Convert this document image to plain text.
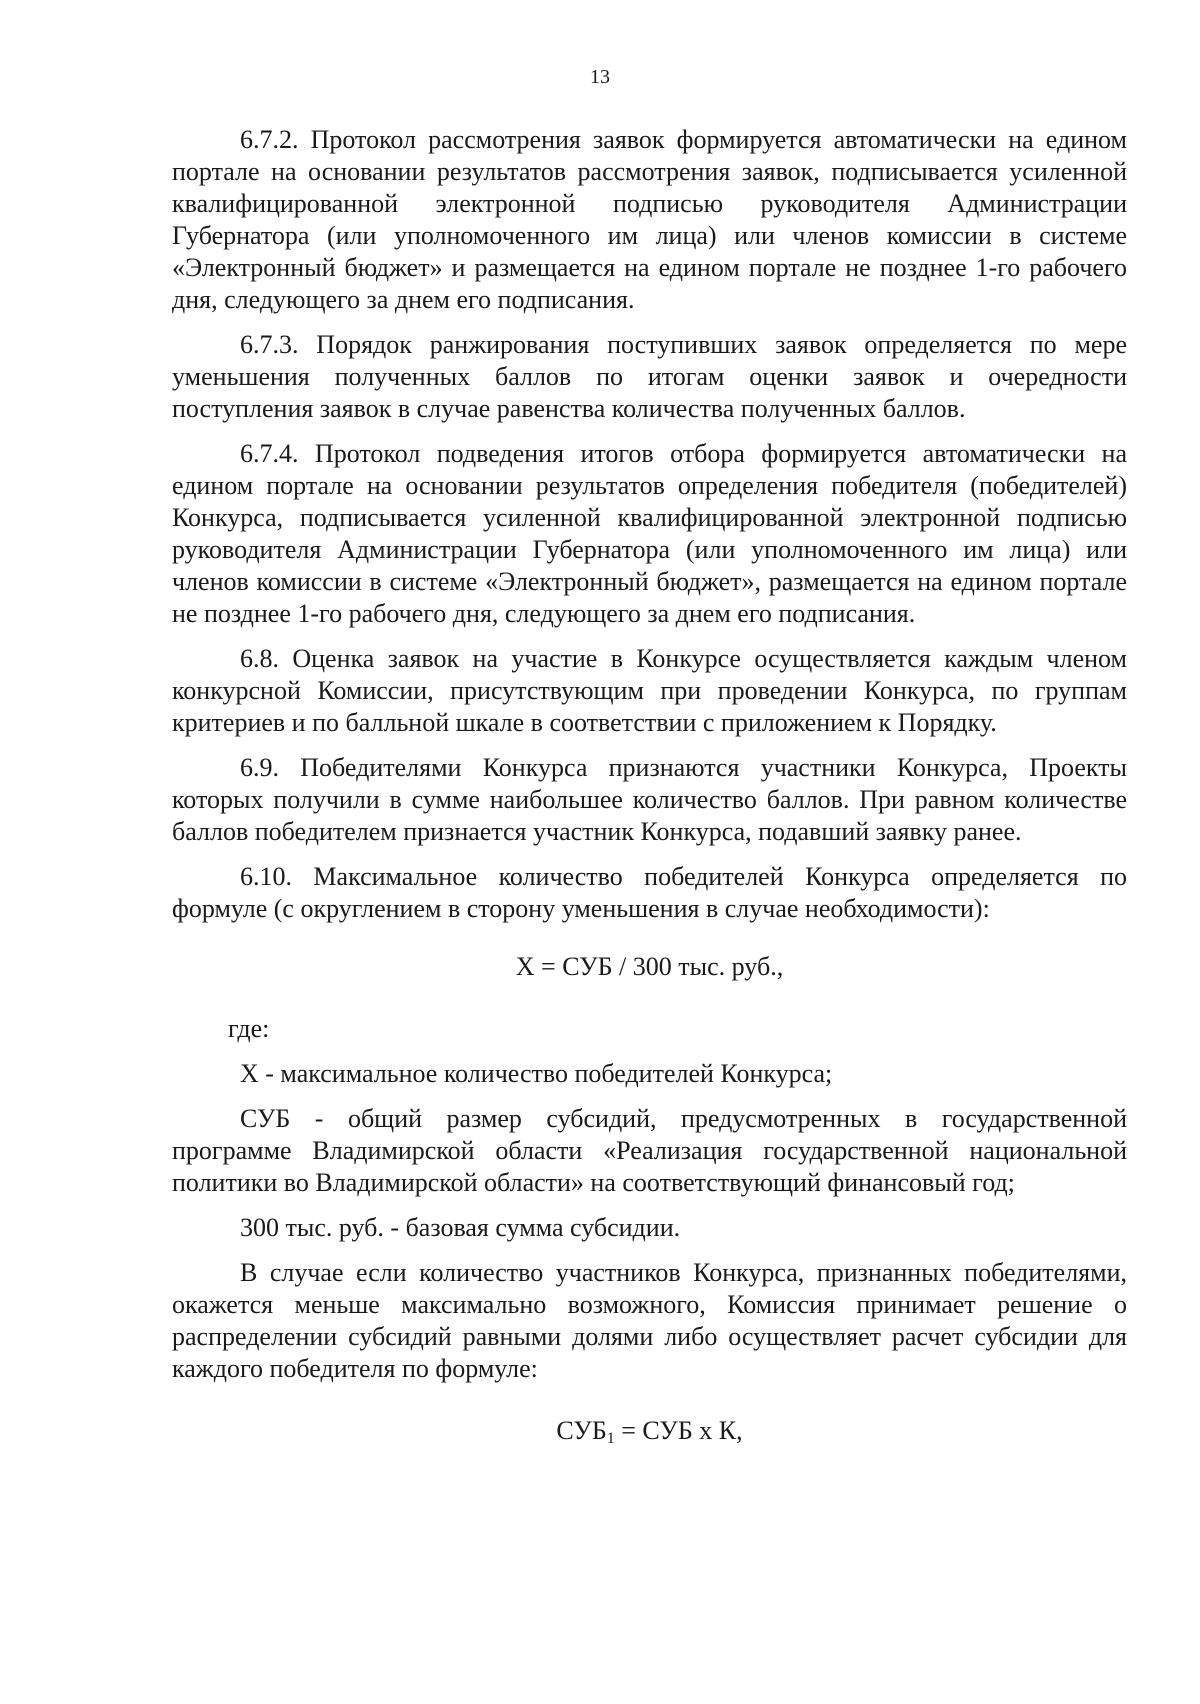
13

6.7.2. Протокол рассмотрения заявок формируется автоматически на едином портале на основании результатов рассмотрения заявок, подписывается усиленной квалифицированной электронной подписью руководителя Администрации Губернатора (или уполномоченного им лица) или членов комиссии в системе «Электронный бюджет» и размещается на едином портале не позднее 1-го рабочего дня, следующего за днем его подписания.

6.7.3. Порядок ранжирования поступивших заявок определяется по мере уменьшения полученных баллов по итогам оценки заявок и очередности поступления заявок в случае равенства количества полученных баллов.

6.7.4. Протокол подведения итогов отбора формируется автоматически на едином портале на основании результатов определения победителя (победителей) Конкурса, подписывается усиленной квалифицированной электронной подписью руководителя Администрации Губернатора (или уполномоченного им лица) или членов комиссии в системе «Электронный бюджет», размещается на едином портале не позднее 1-го рабочего дня, следующего за днем его подписания.

6.8. Оценка заявок на участие в Конкурсе осуществляется каждым членом конкурсной Комиссии, присутствующим при проведении Конкурса, по группам критериев и по балльной шкале в соответствии с приложением к Порядку.

6.9. Победителями Конкурса признаются участники Конкурса, Проекты которых получили в сумме наибольшее количество баллов. При равном количестве баллов победителем признается участник Конкурса, подавший заявку ранее.

6.10. Максимальное количество победителей Конкурса определяется по формуле (с округлением в сторону уменьшения в случае необходимости):

Х = СУБ / 300 тыс. руб.,

где:

Х - максимальное количество победителей Конкурса;

СУБ - общий размер субсидий, предусмотренных в государственной программе Владимирской области «Реализация государственной национальной политики во Владимирской области» на соответствующий финансовый год;

300 тыс. руб. - базовая сумма субсидии.

В случае если количество участников Конкурса, признанных победителями, окажется меньше максимально возможного, Комиссия принимает решение о распределении субсидий равными долями либо осуществляет расчет субсидии для каждого победителя по формуле:

$СУБ_1$ = СУБ x К,
